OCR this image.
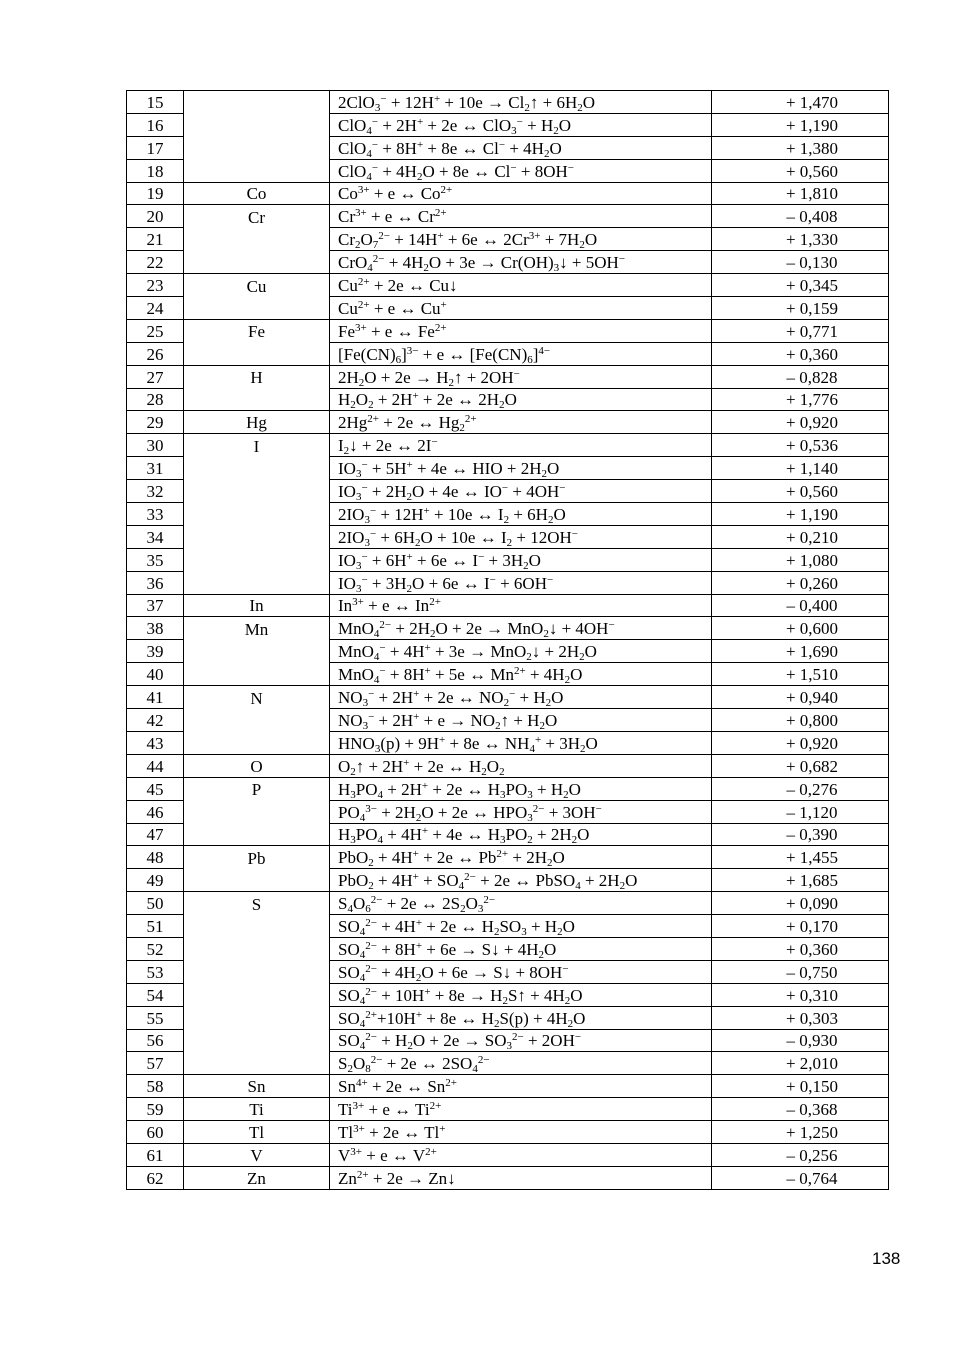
15		$2ClO_3^- + 12H^+ + 10e \to Cl_2↑ + 6H_2O$	+ 1,470
16		ClO$_4$− + 2H+ + 2e ↔ $ClO_3^- + H_2O$	+ 1,190
17		ClO$_4$− + 8H+ + 8e ↔ $Cl^- + 4H_2O$	+ 1,380
18		$ClO_4^- + 4H_2O + 8e$ ↔ Cl− + 8OH−	+ 0,560
19	Co	$Co^{3+} + e$ ↔ $Co^{2+}$	+ 1,810
20	Cr	$Cr^{3+} + e$ ↔ $Cr^{2+}$	– 0,408
21		$Cr_2O_7^{2-} + 14H^+ + 6e$ ↔ $2Cr^{3+} + 7H_2O$	+ 1,330
22		$CrO_4^{2-} + 4H_2O + 3e$ → $Cr(OH)_3↓ + 5OH^-$	– 0,130
23	Cu	$Cu^{2+} + 2e$ ↔ Cu↓	+ 0,345
24		$Cu^{2+} + e$ ↔ Cu+	+ 0,159
25	Fe	$Fe^{3+} + e$ ↔ $Fe^{2+}$	+ 0,771
26		$[Fe(CN)_6]^{3-} + e$ ↔ $[Fe(CN)_6]^{4-}$	+ 0,360
27	H	$2H_2O + 2e$ → $H_2↑ + 2OH^-$	– 0,828
28		$H_2O_2 + 2H^+ + 2e$ ↔ $2H_2O$	+ 1,776
29	Hg	$2Hg^{2+} + 2e$ ↔ $Hg_2^{2+}$	+ 0,920
30	I	$I_2↓ + 2e$ ↔ 2I−	+ 0,536
31		$IO_3^- + 5H^+ + 4e$ ↔ HIO + $2H_2O$	+ 1,140
32		$IO_3^- + 2H_2O + 4e$ ↔ IO− + 4OH−	+ 0,560
33		$2IO_3^- + 12H^+ + 10e$ ↔ $I_2 + 6H_2O$	+ 1,190
34		$2IO_3^- + 6H_2O + 10e$ ↔ $I_2 + 12OH^-$	+ 0,210
35		$IO_3^- + 6H^+ + 6e$ ↔ $I^- + 3H_2O$	+ 1,080
36		$IO_3^- + 3H_2O + 6e$ ↔ I− + 6OH−	+ 0,260
37	In	$In^{3+} + e$ ↔ $In^{2+}$	– 0,400
38	Mn	$MnO_4^{2-} + 2H_2O + 2e$ → MnO$_2$↓ + 4OH−	+ 0,600
39		MnO$_4$− + 4H+ + 3e → MnO$_2$↓ + $2H_2O$	+ 1,690
40		MnO$_4$− + 8H+ + 5e ↔ $Mn^{2+} + 4H_2O$	+ 1,510
41	N	$NO_3^- + 2H^+ + 2e$ ↔ $NO_2^- + H_2O$	+ 0,940
42		$NO_3^- + 2H^+ + e$ → $NO_2↑ + H_2O$	+ 0,800
43		$HNO_3(p) + 9H^+ + 8e$ ↔ $NH_4^+ + 3H_2O$	+ 0,920
44	O	$O_2↑ + 2H^+ + 2e$ ↔ $H_2O_2$	+ 0,682
45	P	$H_3PO_4 + 2H^+ + 2e$ ↔ $H_3PO_3 + H_2O$	– 0,276
46		$PO_4^{3-} + 2H_2O + 2e$ ↔ $HPO_3^{2-} + 3OH^-$	– 1,120
47		$H_3PO_4 + 4H^+ + 4e$ ↔ $H_3PO_2 + 2H_2O$	– 0,390
48	Pb	PbO$_2$ + 4H+ + 2e ↔ $Pb^{2+} + 2H_2O$	+ 1,455
49		$PbO_2 + 4H^+ + SO_4^{2-} + 2e$ ↔ PbSO$_4$ + $2H_2O$	+ 1,685
50	S	$S_4O_6^{2-} + 2e$ ↔ $2S_2O_3^{2-}$	+ 0,090
51		$SO_4^{2-} + 4H^+ + 2e$ ↔ $H_2SO_3 + H_2O$	+ 0,170
52		$SO_4^{2-} + 8H^+ + 6e$ → S↓ + $4H_2O$	+ 0,360
53		$SO_4^{2-} + 4H_2O + 6e$ → S↓ + 8OH−	– 0,750
54		$SO_4^{2-} + 10H^+ + 8e$ → $H_2S↑ + 4H_2O$	+ 0,310
55		$SO_4^{2+}+10H^+ + 8e$ ↔ $H_2S(p) + 4H_2O$	+ 0,303
56		$SO_4^{2-} + H_2O + 2e \to SO_3^{2-} + 2OH^-$	– 0,930
57		$S_2O_8^{2-} + 2e$ ↔ $2SO_4^{2-}$	+ 2,010
58	Sn	$Sn^{4+} + 2e$ ↔ $Sn^{2+}$	+ 0,150
59	Ti	$Ti^{3+} + e$ ↔ $Ti^{2+}$	– 0,368
60	Tl	$Tl^{3+} + 2e$ ↔ Tl+	+ 1,250
61	V	$V^{3+} + e$ ↔ $V^{2+}$	– 0,256
62	Zn	$Zn^{2+} + 2e$ → Zn↓	– 0,764
138
